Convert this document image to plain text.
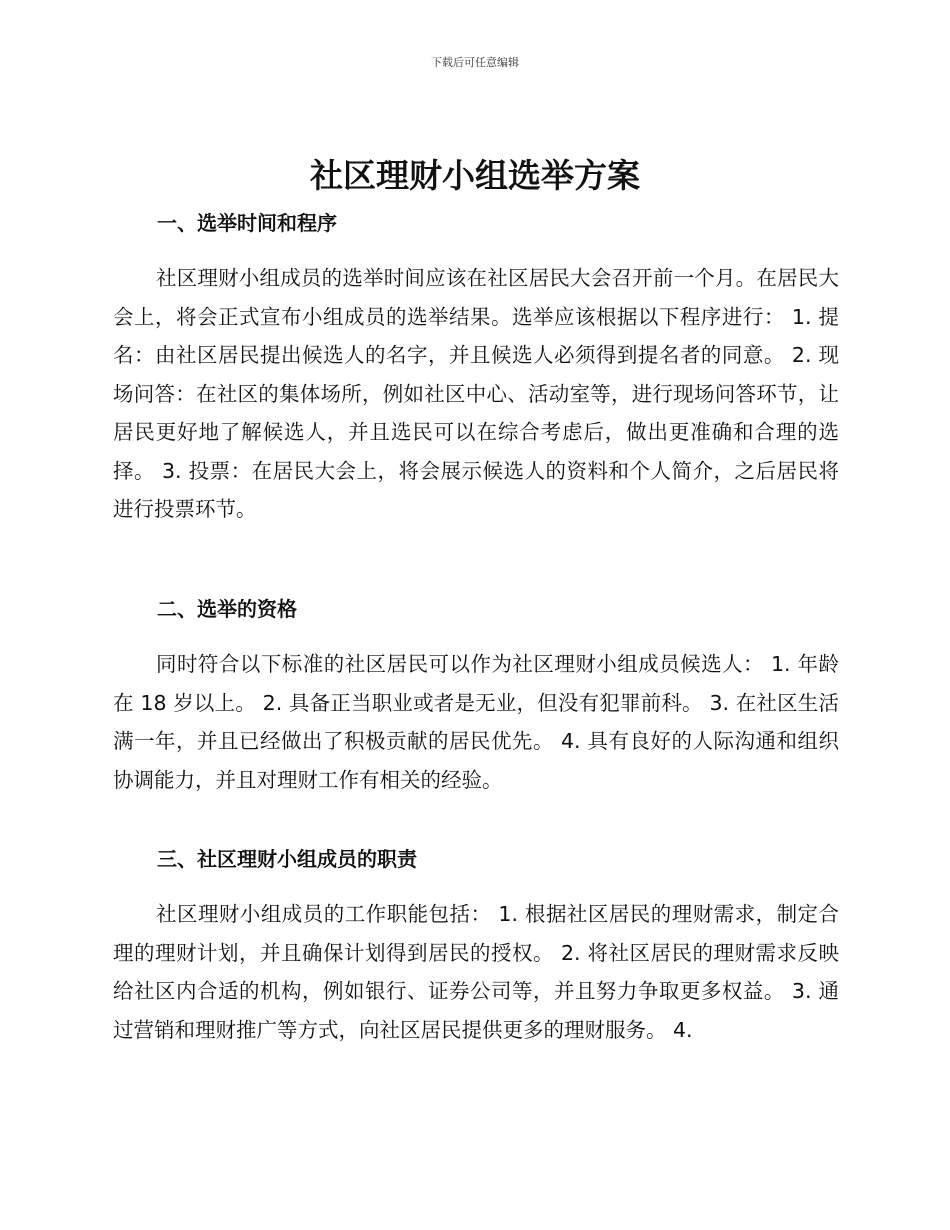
下载后可任意编辑
社区理财小组选举方案
一、选举时间和程序

社区理财小组成员的选举时间应该在社区居民大会召开前一个月。在居民大会上，将会正式宣布小组成员的选举结果。选举应该根据以下程序进行： 1. 提名：由社区居民提出候选人的名字，并且候选人必须得到提名者的同意。 2. 现场问答：在社区的集体场所，例如社区中心、活动室等，进行现场问答环节，让居民更好地了解候选人，并且选民可以在综合考虑后，做出更准确和合理的选择。 3. 投票：在居民大会上，将会展示候选人的资料和个人简介，之后居民将进行投票环节。

二、选举的资格

同时符合以下标准的社区居民可以作为社区理财小组成员候选人： 1. 年龄在 18 岁以上。 2. 具备正当职业或者是无业，但没有犯罪前科。 3. 在社区生活满一年，并且已经做出了积极贡献的居民优先。 4. 具有良好的人际沟通和组织协调能力，并且对理财工作有相关的经验。

三、社区理财小组成员的职责

社区理财小组成员的工作职能包括： 1. 根据社区居民的理财需求，制定合理的理财计划，并且确保计划得到居民的授权。 2. 将社区居民的理财需求反映给社区内合适的机构，例如银行、证券公司等，并且努力争取更多权益。 3. 通过营销和理财推广等方式，向社区居民提供更多的理财服务。 4.
